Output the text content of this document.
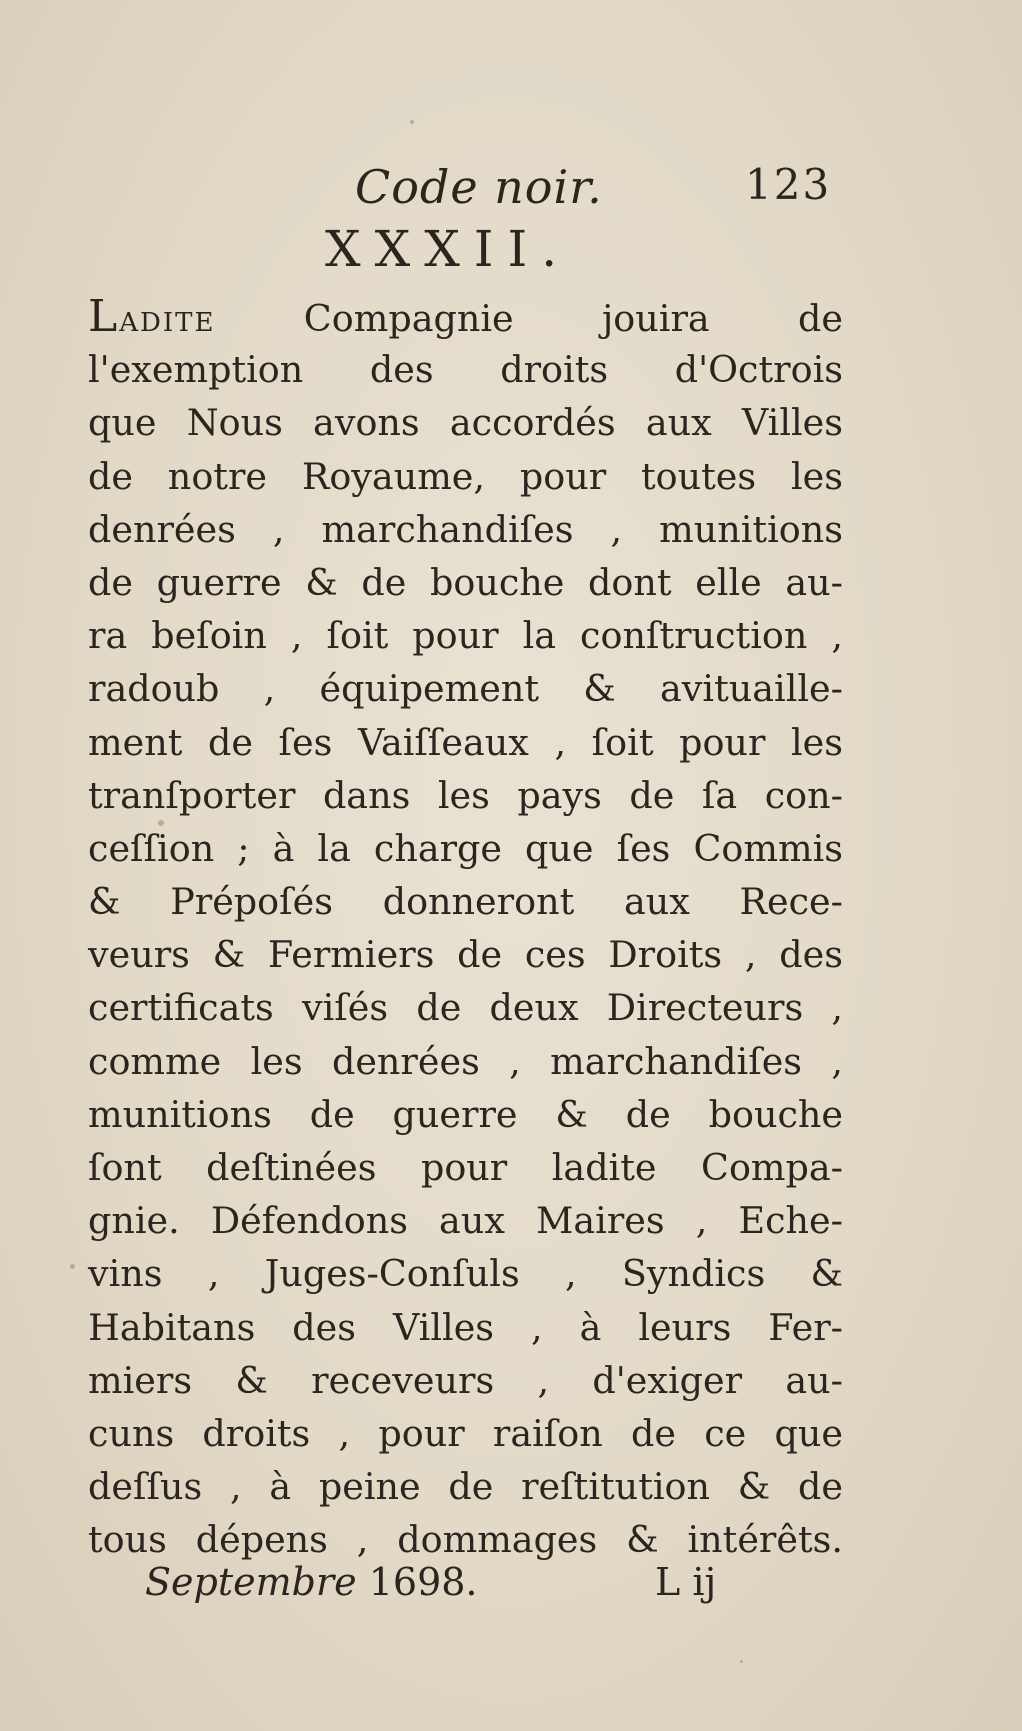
Code noir.	123
XXXII.
Ladite Compagnie jouira de
l'exemption des droits d'Octrois
que Nous avons accordés aux Villes
de notre Royaume, pour toutes les
denrées , marchandiſes , munitions
de guerre & de bouche dont elle au-
ra beſoin , ſoit pour la conſtruction ,
radoub , équipement & avituaille-
ment de ſes Vaiſſeaux , ſoit pour les
tranſporter dans les pays de ſa con-
ceſſion ; à la charge que ſes Commis
& Prépoſés donneront aux Rece-
veurs & Fermiers de ces Droits , des
certificats viſés de deux Directeurs ,
comme les denrées , marchandiſes ,
munitions de guerre & de bouche
ſont deſtinées pour ladite Compa-
gnie. Défendons aux Maires , Eche-
vins , Juges-Conſuls , Syndics &
Habitans des Villes , à leurs Fer-
miers & receveurs , d'exiger au-
cuns droits , pour raiſon de ce que
deſſus , à peine de reſtitution & de
tous dépens , dommages & intérêts.
Septembre 1698.	L ij
